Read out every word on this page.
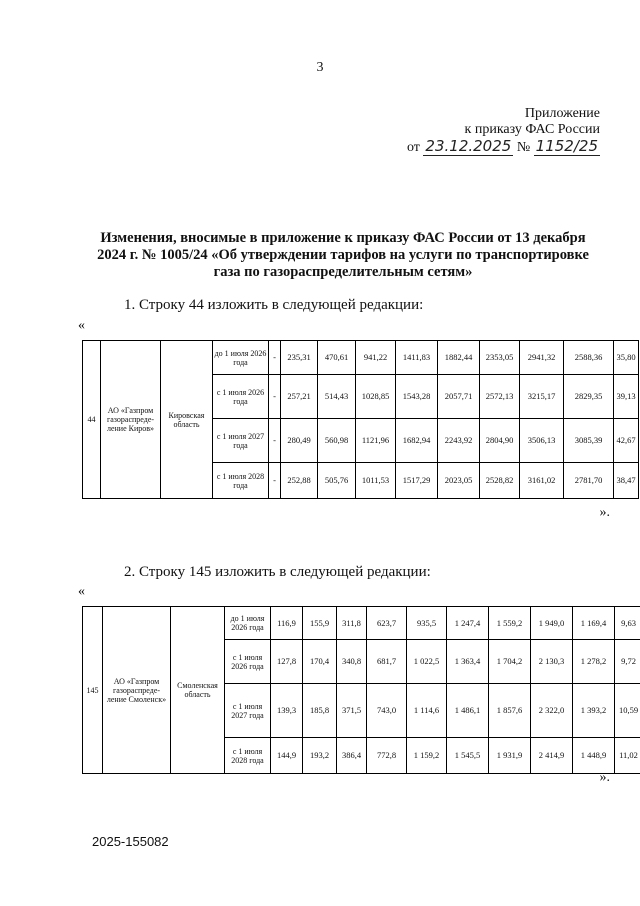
3
Приложение
к приказу ФАС России
от 23.12.2025 № 1152/25
Изменения, вносимые в приложение к приказу ФАС России от 13 декабря 2024 г. № 1005/24 «Об утверждении тарифов на услуги по транспортировке газа по газораспределительным сетям»
1. Строку 44 изложить в следующей редакции:
«
44	АО «Газпром газораспреде-ление Киров»	Кировская область	до 1 июля 2026 года	-	235,31	470,61	941,22	1411,83	1882,44	2353,05	2941,32	2588,36	35,80
			с 1 июля 2026 года	-	257,21	514,43	1028,85	1543,28	2057,71	2572,13	3215,17	2829,35	39,13
			с 1 июля 2027 года	-	280,49	560,98	1121,96	1682,94	2243,92	2804,90	3506,13	3085,39	42,67
			с 1 июля 2028 года	-	252,88	505,76	1011,53	1517,29	2023,05	2528,82	3161,02	2781,70	38,47
».
2. Строку 145 изложить в следующей редакции:
«
145	АО «Газпром газораспреде-ление Смоленск»	Смоленская область	до 1 июля 2026 года	116,9	155,9	311,8	623,7	935,5	1 247,4	1 559,2	1 949,0	1 169,4	9,63
			с 1 июля 2026 года	127,8	170,4	340,8	681,7	1 022,5	1 363,4	1 704,2	2 130,3	1 278,2	9,72
			с 1 июля 2027 года	139,3	185,8	371,5	743,0	1 114,6	1 486,1	1 857,6	2 322,0	1 393,2	10,59
			с 1 июля 2028 года	144,9	193,2	386,4	772,8	1 159,2	1 545,5	1 931,9	2 414,9	1 448,9	11,02
».
2025-155082
